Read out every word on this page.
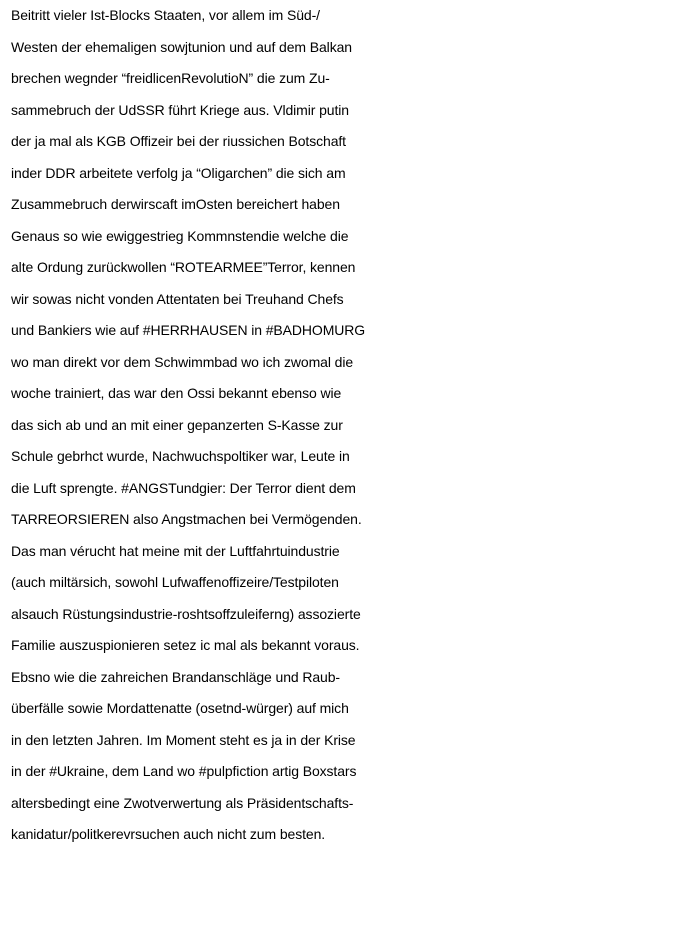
Beitritt vieler Ist-Blocks Staaten, vor allem im Süd-/
Westen der ehemaligen sowjtunion und auf dem Balkan
brechen wegnder “freidlicenRevolutioN” die zum Zu-
sammebruch der UdSSR führt Kriege aus. Vldimir putin
der ja mal als KGB Offizeir bei der riussichen Botschaft
inder DDR arbeitete verfolg ja “Oligarchen” die sich am
Zusammebruch derwirscaft imOsten bereichert haben
Genaus so wie ewiggestrieg Kommnstendie welche die
alte Ordung zurückwollen “ROTEARMEE”Terror, kennen
wir sowas nicht vonden Attentaten bei Treuhand Chefs
und Bankiers wie auf #HERRHAUSEN in #BADHOMURG
wo man direkt vor dem Schwimmbad wo ich zwomal die
woche trainiert, das war den Ossi bekannt ebenso wie
das sich ab und an mit einer gepanzerten S-Kasse zur
Schule gebrhct wurde, Nachwuchspoltiker war, Leute in
die Luft sprengte. #ANGSTundgier: Der Terror dient dem
TARREORSIEREN also Angstmachen bei Vermögenden.
Das man vérucht hat meine mit der Luftfahrtuindustrie
(auch miltärsich, sowohl Lufwaffenoffizeire/Testpiloten
alsauch Rüstungsindustrie-roshtsoffzuleiferng) assozierte
Familie auszuspionieren setez ic mal als bekannt voraus.
Ebsno wie die zahreichen Brandanschläge und Raub-
überfälle sowie Mordattenatte (osetnd-würger) auf mich
in den letzten Jahren. Im Moment steht es ja in der Krise
in der #Ukraine, dem Land wo #pulpfiction artig Boxstars
altersbedingt eine Zwotverwertung als Präsidentschafts-
kanidatur/politkerevrsuchen auch nicht zum besten.
